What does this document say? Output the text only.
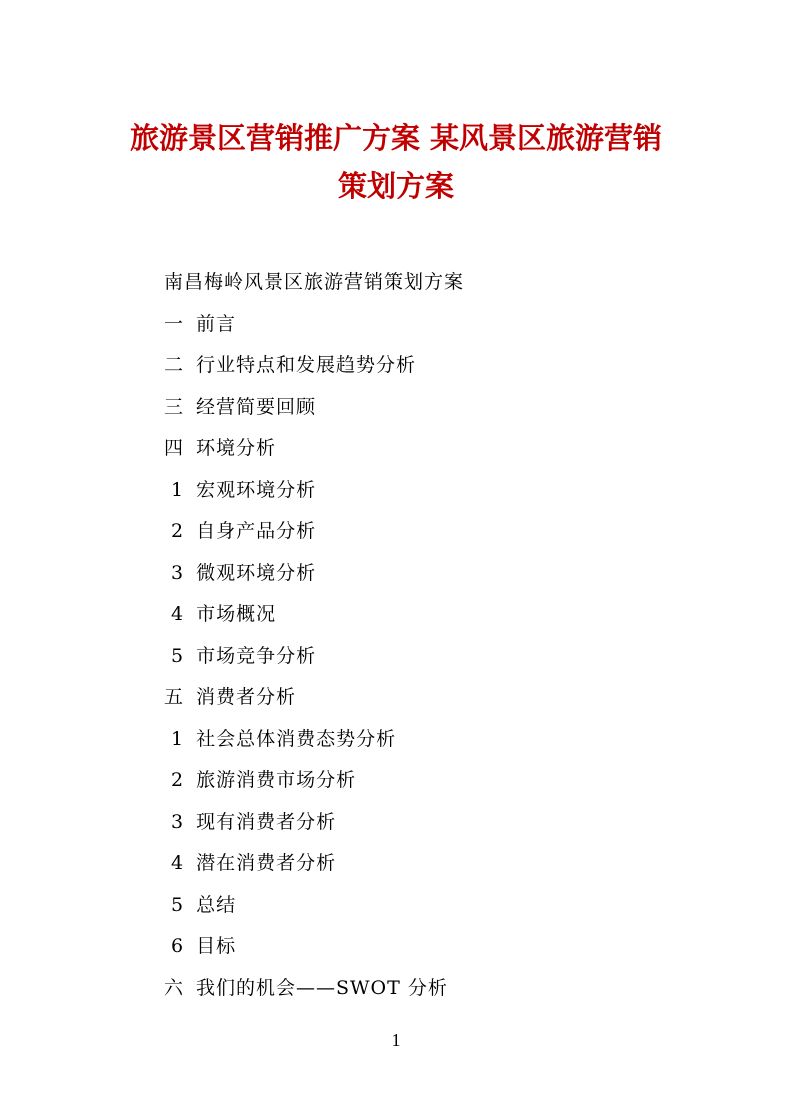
旅游景区营销推广方案 某风景区旅游营销
策划方案
南昌梅岭风景区旅游营销策划方案
一 前言
二 行业特点和发展趋势分析
三 经营简要回顾
四 环境分析
1 宏观环境分析
2 自身产品分析
3 微观环境分析
4 市场概况
5 市场竞争分析
五 消费者分析
1 社会总体消费态势分析
2 旅游消费市场分析
3 现有消费者分析
4 潜在消费者分析
5 总结
6 目标
六 我们的机会——SWOT 分析
1
